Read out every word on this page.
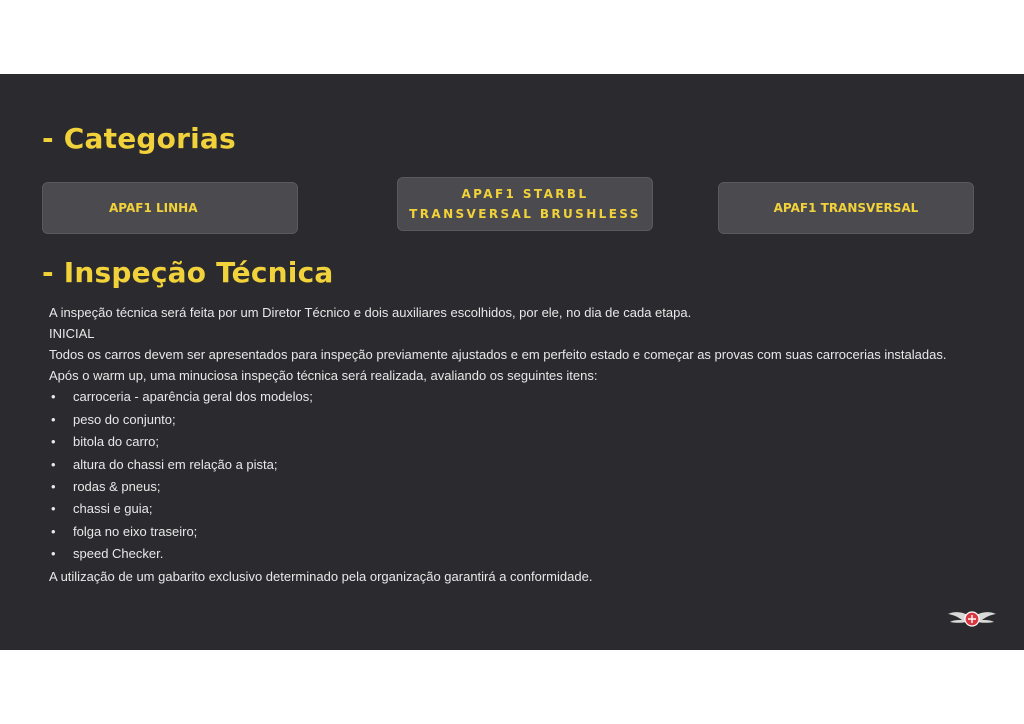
- Categorias
APAF1 LINHA
APAF1 STARBL
TRANSVERSAL BRUSHLESS	APAF1 TRANSVERSAL
- Inspeção Técnica

A inspeção técnica será feita por um Diretor Técnico e dois auxiliares escolhidos, por ele, no dia de cada etapa.

INICIAL

Todos os carros devem ser apresentados para inspeção previamente ajustados e em perfeito estado e começar as provas com suas carrocerias instaladas.

Após o warm up, uma minuciosa inspeção técnica será realizada, avaliando os seguintes itens:

• carroceria - aparência geral dos modelos;
• peso do conjunto;
• bitola do carro;
• altura do chassi em relação a pista;
• rodas & pneus;
• chassi e guia;
• folga no eixo traseiro;
• speed Checker.

A utilização de um gabarito exclusivo determinado pela organização garantirá a conformidade.
